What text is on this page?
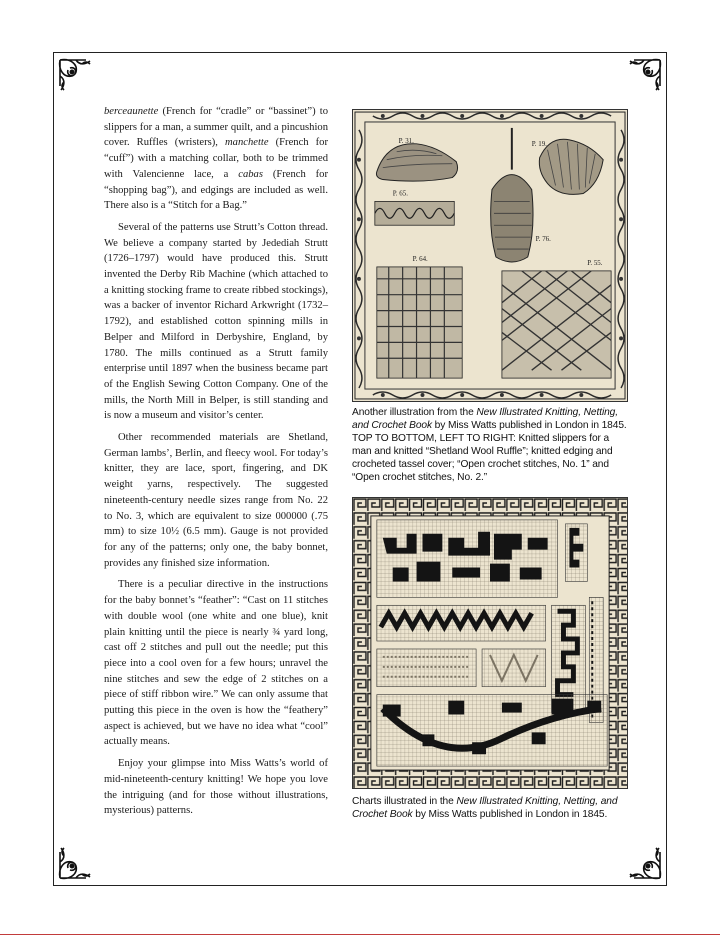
berceaunette (French for “cradle” or “bassinet”) to slippers for a man, a summer quilt, and a pincushion cover. Ruffles (wristers), manchette (French for “cuff”) with a matching collar, both to be trimmed with Valencienne lace, a cabas (French for “shopping bag”), and edgings are included as well. There also is a “Stitch for a Bag.”

Several of the patterns use Strutt’s Cotton thread. We believe a company started by Jedediah Strutt (1726–1797) would have produced this. Strutt invented the Derby Rib Machine (which attached to a knitting stocking frame to create ribbed stockings), was a backer of inventor Richard Arkwright (1732–1792), and established cotton spinning mills in Belper and Milford in Derbyshire, England, by 1780. The mills continued as a Strutt family enterprise until 1897 when the business became part of the English Sewing Cotton Company. One of the mills, the North Mill in Belper, is still standing and is now a museum and visitor’s center.

Other recommended materials are Shetland, German lambs’, Berlin, and fleecy wool. For today’s knitter, they are lace, sport, fingering, and DK weight yarns, respectively. The suggested nineteenth-century needle sizes range from No. 22 to No. 3, which are equivalent to size 000000 (.75 mm) to size 10½ (6.5 mm). Gauge is not provided for any of the patterns; only one, the baby bonnet, provides any finished size information.

There is a peculiar directive in the instructions for the baby bonnet’s “feather”: “Cast on 11 stitches with double wool (one white and one blue), knit plain knitting until the piece is nearly ¾ yard long, cast off 2 stitches and pull out the needle; put this piece into a cool oven for a few hours; unravel the nine stitches and sew the edge of 2 stitches on a piece of stiff ribbon wire.” We can only assume that putting this piece in the oven is how the “feathery” aspect is achieved, but we have no idea what “cool” actually means.

Enjoy your glimpse into Miss Watts’s world of mid-nineteenth-century knitting! We hope you love the intriguing (and for those without illustrations, mysterious) patterns.

P. 31.	P. 19.
P. 65.
P. 76.
P. 64.	P. 55.
Another illustration from the New Illustrated Knitting, Netting, and Crochet Book by Miss Watts published in London in 1845.
TOP TO BOTTOM, LEFT TO RIGHT: Knitted slippers for a man and knitted “Shetland Wool Ruffle”; knitted edging and crocheted tassel cover; “Open crochet stitches, No. 1” and “Open crochet stitches, No. 2.”
Charts illustrated in the New Illustrated Knitting, Netting, and Crochet Book by Miss Watts published in London in 1845.
